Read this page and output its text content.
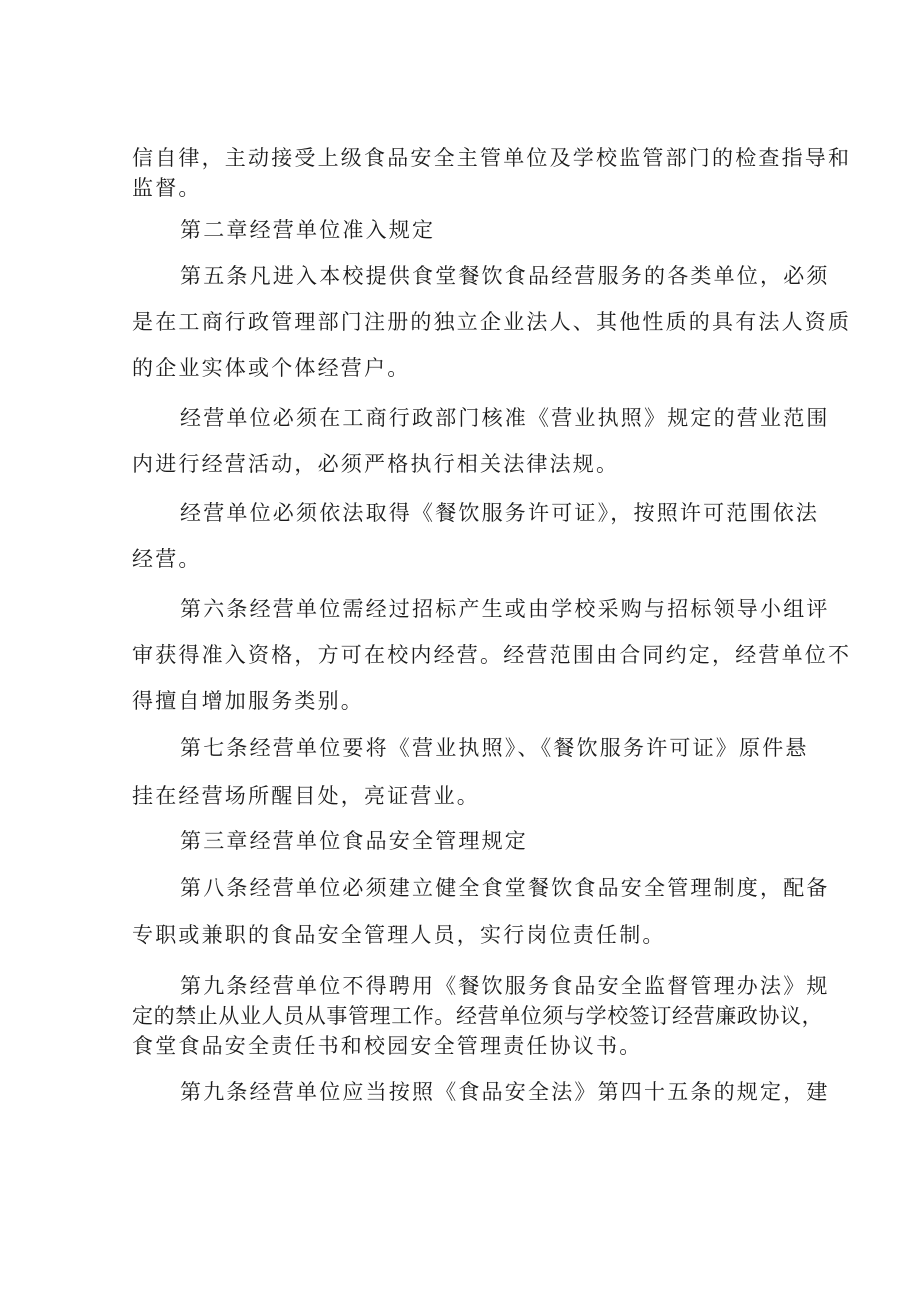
信自律，主动接受上级食品安全主管单位及学校监管部门的检查指导和
监督。
第二章经营单位准入规定
第五条凡进入本校提供食堂餐饮食品经营服务的各类单位，必须
是在工商行政管理部门注册的独立企业法人、其他性质的具有法人资质
的企业实体或个体经营户。
经营单位必须在工商行政部门核准《营业执照》规定的营业范围
内进行经营活动，必须严格执行相关法律法规。
经营单位必须依法取得《餐饮服务许可证》，按照许可范围依法
经营。
第六条经营单位需经过招标产生或由学校采购与招标领导小组评
审获得准入资格，方可在校内经营。经营范围由合同约定，经营单位不
得擅自增加服务类别。
第七条经营单位要将《营业执照》、《餐饮服务许可证》原件悬
挂在经营场所醒目处，亮证营业。
第三章经营单位食品安全管理规定
第八条经营单位必须建立健全食堂餐饮食品安全管理制度，配备
专职或兼职的食品安全管理人员，实行岗位责任制。
第九条经营单位不得聘用《餐饮服务食品安全监督管理办法》规
定的禁止从业人员从事管理工作。经营单位须与学校签订经营廉政协议，
食堂食品安全责任书和校园安全管理责任协议书。
第九条经营单位应当按照《食品安全法》第四十五条的规定，建
